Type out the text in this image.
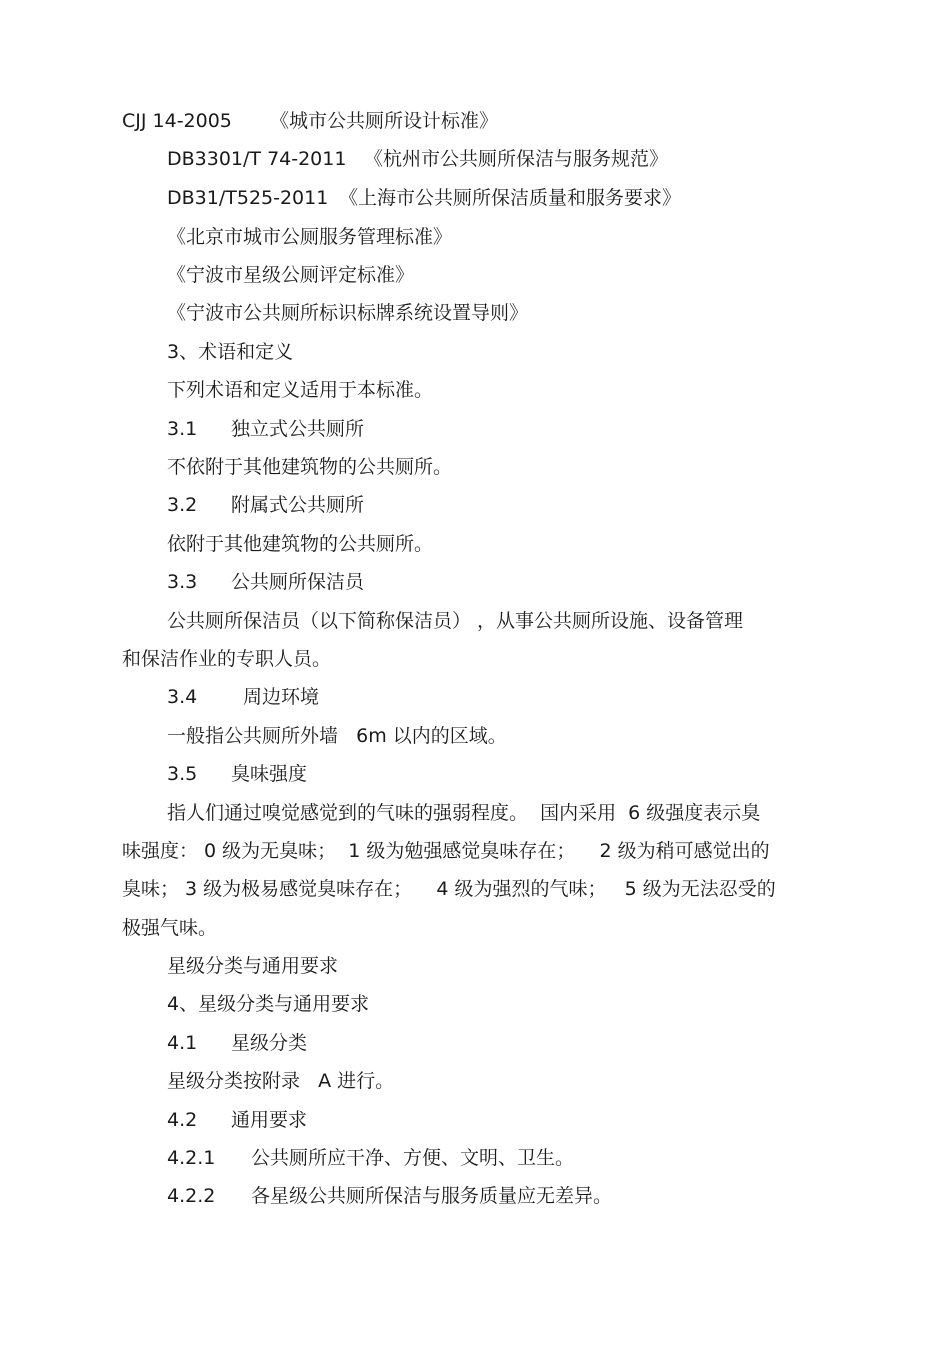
CJJ 14-2005 《城市公共厕所设计标准》
DB3301/T 74-2011 《杭州市公共厕所保洁与服务规范》
DB31/T525-2011 《上海市公共厕所保洁质量和服务要求》
《北京市城市公厕服务管理标准》
《宁波市星级公厕评定标准》
《宁波市公共厕所标识标牌系统设置导则》
3、术语和定义
下列术语和定义适用于本标准。
3.1 独立式公共厕所
不依附于其他建筑物的公共厕所。
3.2 附属式公共厕所
依附于其他建筑物的公共厕所。
3.3 公共厕所保洁员
公共厕所保洁员（以下简称保洁员） ，从事公共厕所设施、设备管理
和保洁作业的专职人员。
3.4 周边环境
一般指公共厕所外墙   6m 以内的区域。
3.5 臭味强度
指人们通过嗅觉感觉到的气味的强弱程度。  国内采用  6 级强度表示臭
味强度： 0 级为无臭味；  1 级为勉强感觉臭味存在；    2 级为稍可感觉出的
臭味； 3 级为极易感觉臭味存在；    4 级为强烈的气味；   5 级为无法忍受的
极强气味。
星级分类与通用要求
4、星级分类与通用要求
4.1 星级分类
星级分类按附录   A 进行。
4.2 通用要求
4.2.1 公共厕所应干净、方便、文明、卫生。
4.2.2 各星级公共厕所保洁与服务质量应无差异。
